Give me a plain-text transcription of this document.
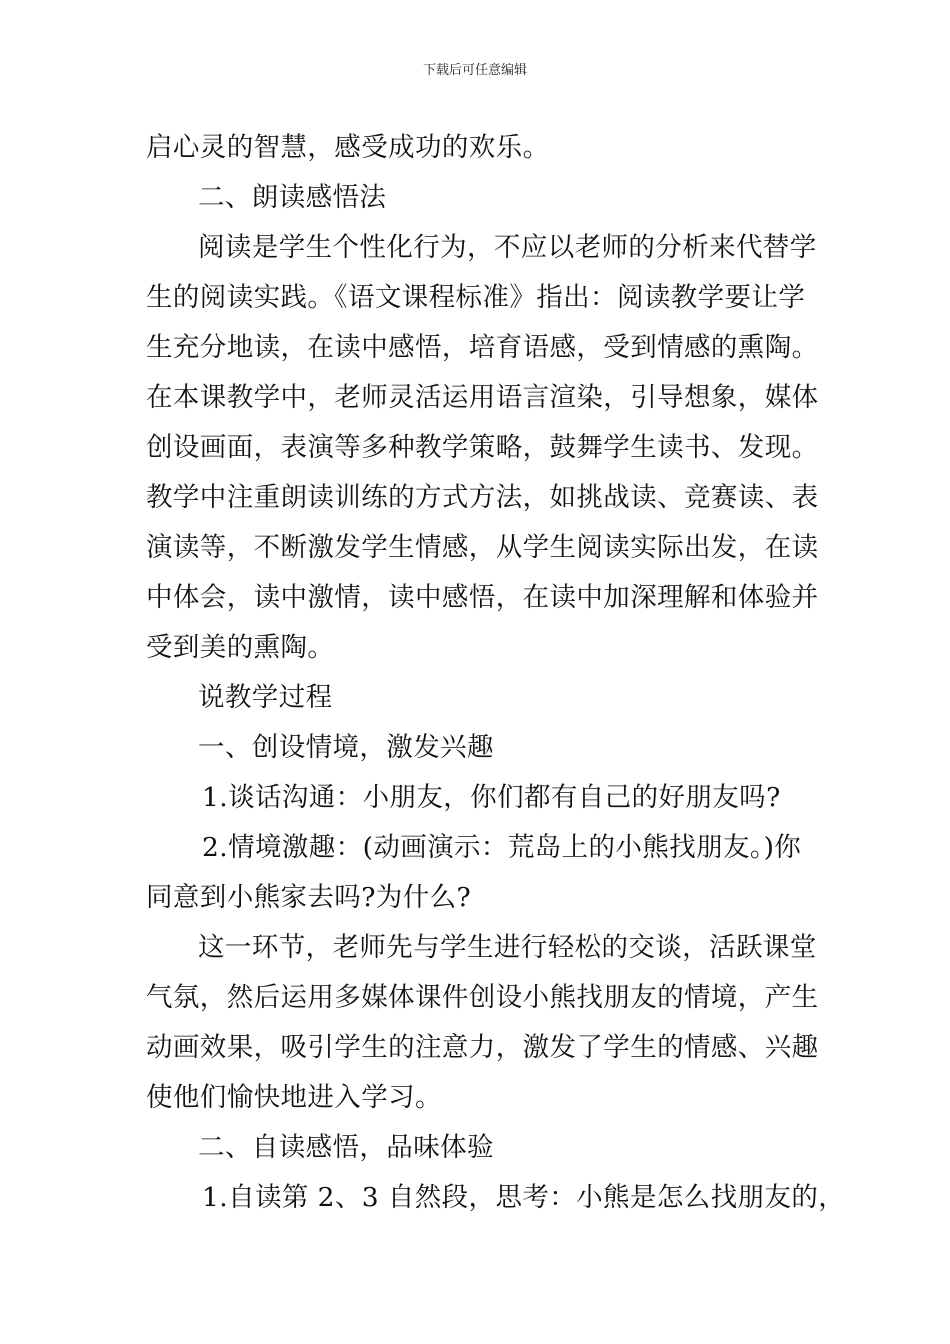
下载后可任意编辑
启心灵的智慧，感受成功的欢乐。
二、朗读感悟法
阅读是学生个性化行为，不应以老师的分析来代替学
生的阅读实践。《语文课程标准》指出：阅读教学要让学
生充分地读，在读中感悟，培育语感，受到情感的熏陶。
在本课教学中，老师灵活运用语言渲染，引导想象，媒体
创设画面，表演等多种教学策略，鼓舞学生读书、发现。
教学中注重朗读训练的方式方法，如挑战读、竞赛读、表
演读等，不断激发学生情感，从学生阅读实际出发，在读
中体会，读中激情，读中感悟，在读中加深理解和体验并
受到美的熏陶。
说教学过程
一、创设情境，激发兴趣
1.谈话沟通：小朋友，你们都有自己的好朋友吗?
2.情境激趣：(动画演示：荒岛上的小熊找朋友。)你
同意到小熊家去吗?为什么?
这一环节，老师先与学生进行轻松的交谈，活跃课堂
气氛，然后运用多媒体课件创设小熊找朋友的情境，产生
动画效果，吸引学生的注意力，激发了学生的情感、兴趣
使他们愉快地进入学习。
二、自读感悟，品味体验
1.自读第 2、3 自然段，思考：小熊是怎么找朋友的，
